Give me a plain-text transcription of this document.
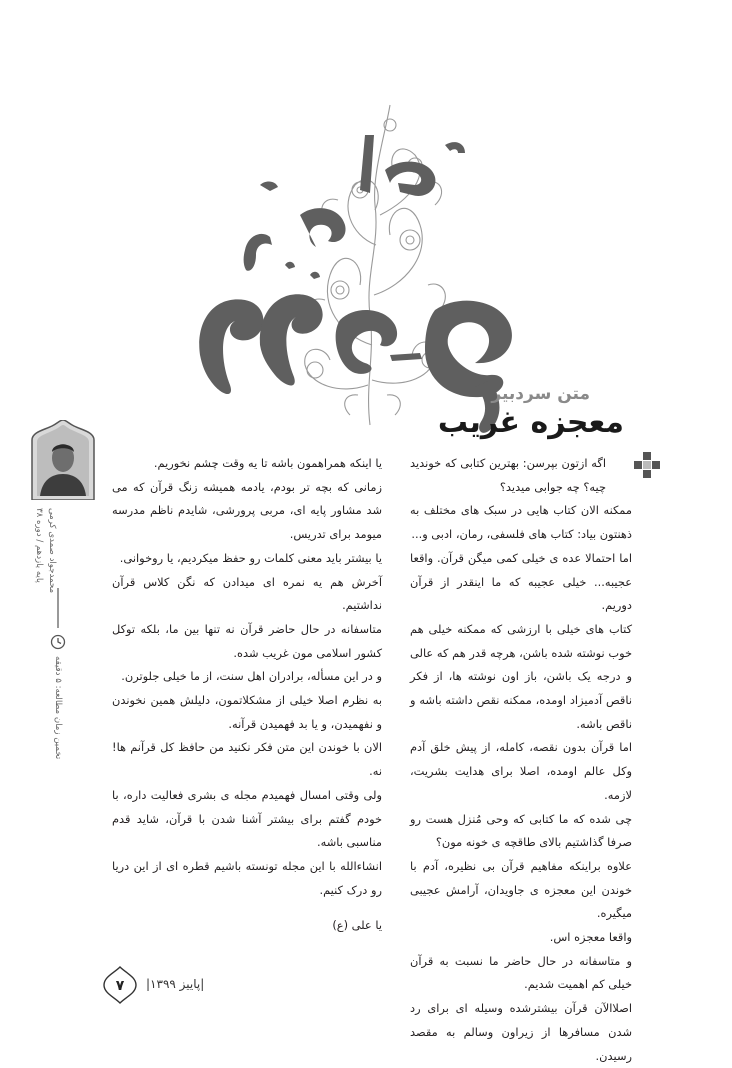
متن سردبیر
معجزه غریب

اگه ازتون بپرسن: بهترین کتابی که خوندید چیه؟ چه جوابی میدید؟

ممکنه الان کتاب هایی در سبک های مختلف به ذهنتون بیاد: کتاب های فلسفی، رمان، ادبی و...

اما احتمالا عده ی خیلی کمی میگن قرآن. واقعا عجیبه... خیلی عجیبه که ما اینقدر از قرآن دوریم.

کتاب های خیلی با ارزشی که ممکنه خیلی هم خوب نوشته شده باشن، هرچه قدر هم که عالی و درجه یک باشن، باز اون نوشته ها، از فکر ناقص آدمیزاد اومده، ممکنه نقص داشته باشه و ناقص باشه.

اما قرآن بدون نقصه، کامله، از پیش خلق آدم وکل عالم اومده، اصلا برای هدایت بشریت، لازمه.

چی شده که ما کتابی که وحی مُنزل هست رو صرفا گذاشتیم بالای طاقچه ی خونه مون؟

علاوه براینکه مفاهیم قرآن بی نظیره، آدم با خوندن این معجزه ی جاویدان، آرامش عجیبی میگیره.

واقعا معجزه اس.

و متاسفانه در حال حاضر ما نسبت به قرآن خیلی کم اهمیت شدیم.

اصلاالآن قرآن بیشترشده وسیله ای برای رد شدن مسافرها از زیراون وسالم به مقصد رسیدن.

یا اینکه همراهمون باشه تا یه وقت چشم نخوریم.

زمانی که بچه تر بودم، یادمه همیشه زنگ قرآن که می شد مشاور پایه ای، مربی پرورشی، شایدم ناظم مدرسه میومد برای تدریس.

یا بیشتر باید معنی کلمات رو حفظ میکردیم، یا روخوانی.

آخرش هم یه نمره ای میدادن که نگن کلاس قرآن نداشتیم.

متاسفانه در حال حاضر قرآن نه تنها بین ما، بلکه توکل کشور اسلامی مون غریب شده.

و در این مسأله، برادران اهل سنت، از ما خیلی جلوترن.

به نظرم اصلا خیلی از مشکلاتمون، دلیلش همین نخوندن و نفهمیدن، و یا بد فهمیدن قرآنه.

الان با خوندن این متن فکر نکنید من حافظ کل قرآنم ها! نه.

ولی وقتی امسال فهمیدم مجله ی بشری فعالیت داره، با خودم گفتم برای بیشتر آشنا شدن با قرآن، شاید قدم مناسبی باشه.

انشاءالله با این مجله تونسته باشیم قطره ای از این دریا رو درک کنیم.

یا علی (ع)

محمدجواد صمدی کرمی
پایه یازدهم / دوره ۳۸
تخمین زمان مطالعه: ۵ دقیقه
۷ |پاییز ۱۳۹۹|
